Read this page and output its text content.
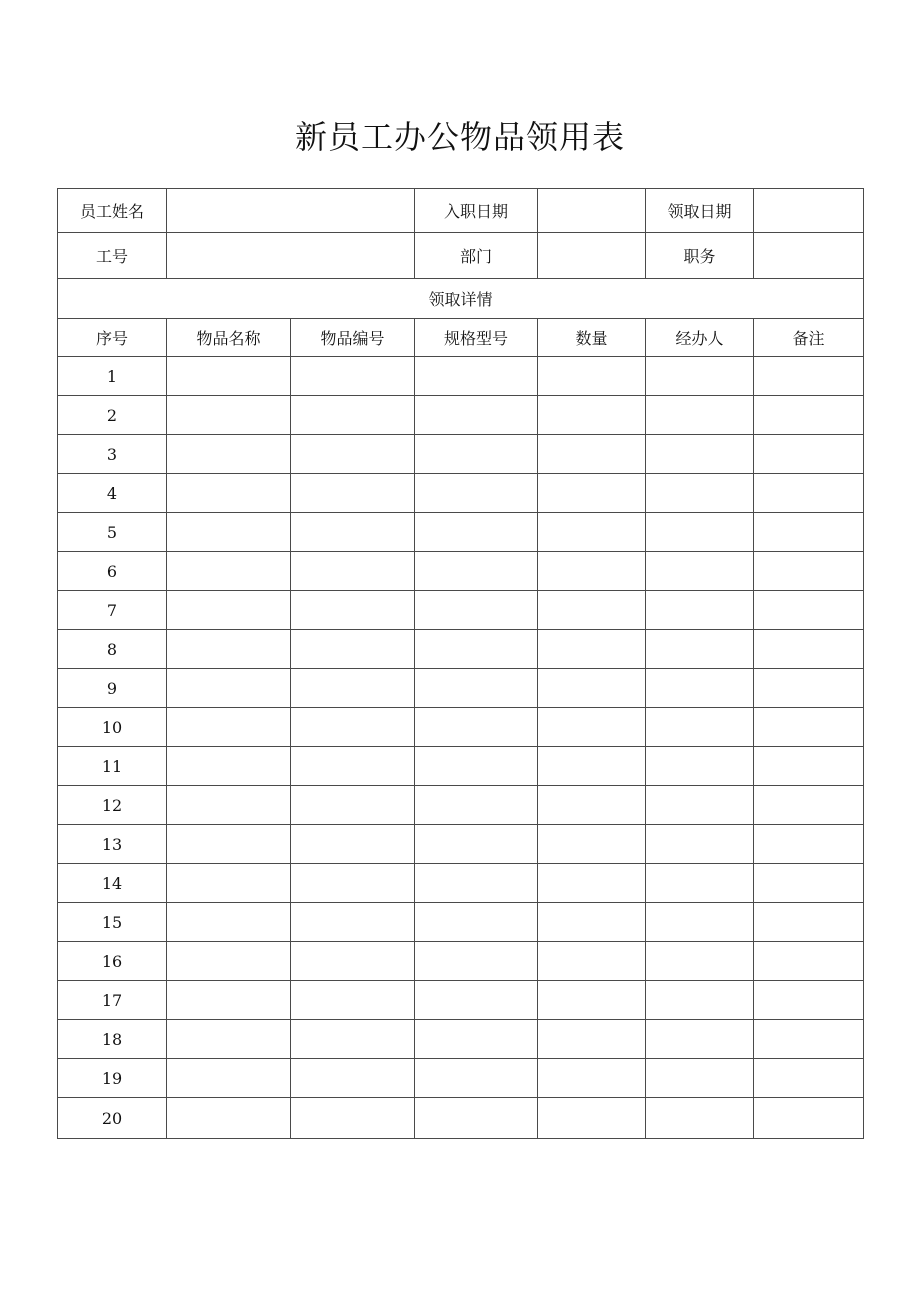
新员工办公物品领用表
员工姓名			入职日期		领取日期	
工号			部门		职务	
领取详情						
序号	物品名称	物品编号	规格型号	数量	经办人	备注
1						
2						
3						
4						
5						
6						
7						
8						
9						
10						
11						
12						
13						
14						
15						
16						
17						
18						
19						
20						
